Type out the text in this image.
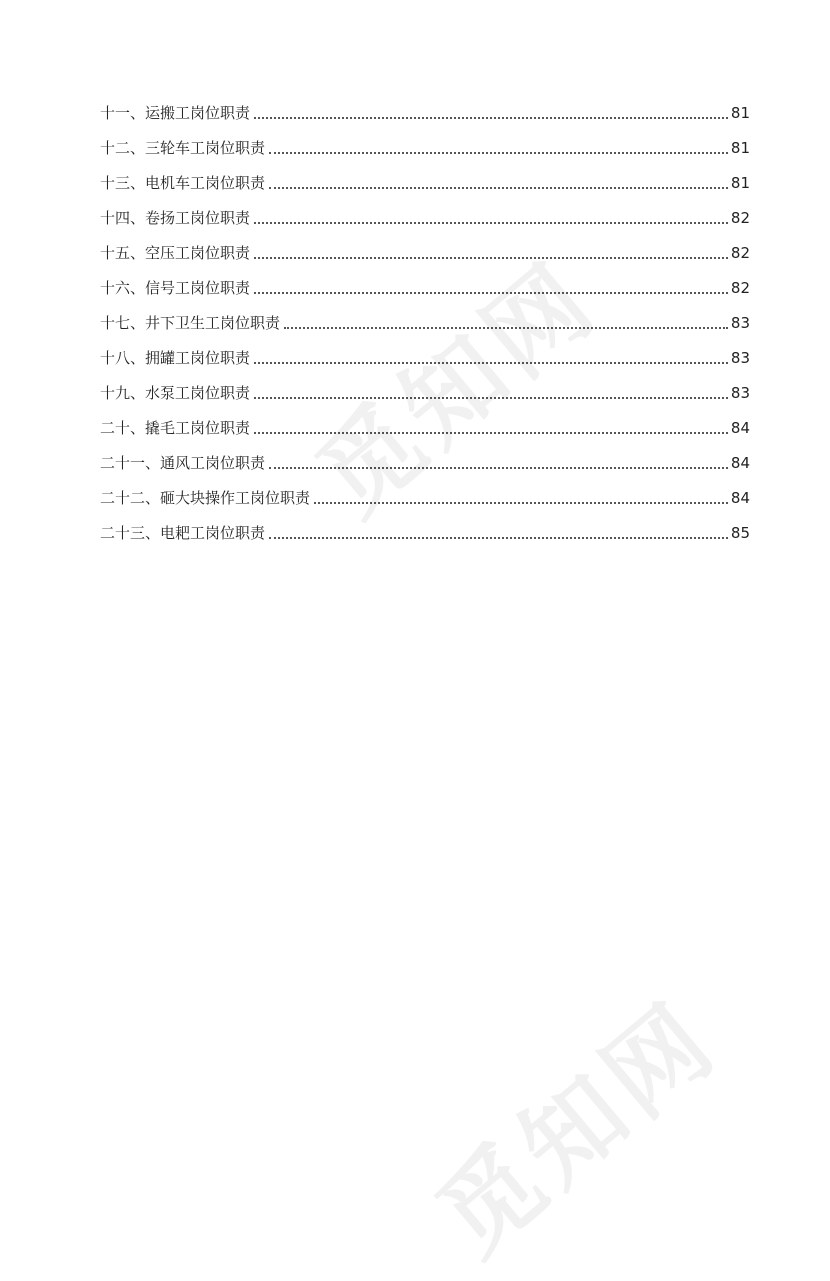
十一、 运搬工岗位职责	81
十二、 三轮车工岗位职责	81
十三、 电机车工岗位职责	81
十四、 卷扬工岗位职责	82
十五、 空压工岗位职责	82
十六、 信号工岗位职责	82
十七、 井下卫生工岗位职责	83
十八、 拥罐工岗位职责	83
十九、 水泵工岗位职责	83
二十、 撬毛工岗位职责	84
二十一、 通风工岗位职责	84
二十二、 砸大块操作工岗位职责	84
二十三、 电耙工岗位职责	85
觅知网
觅知网
